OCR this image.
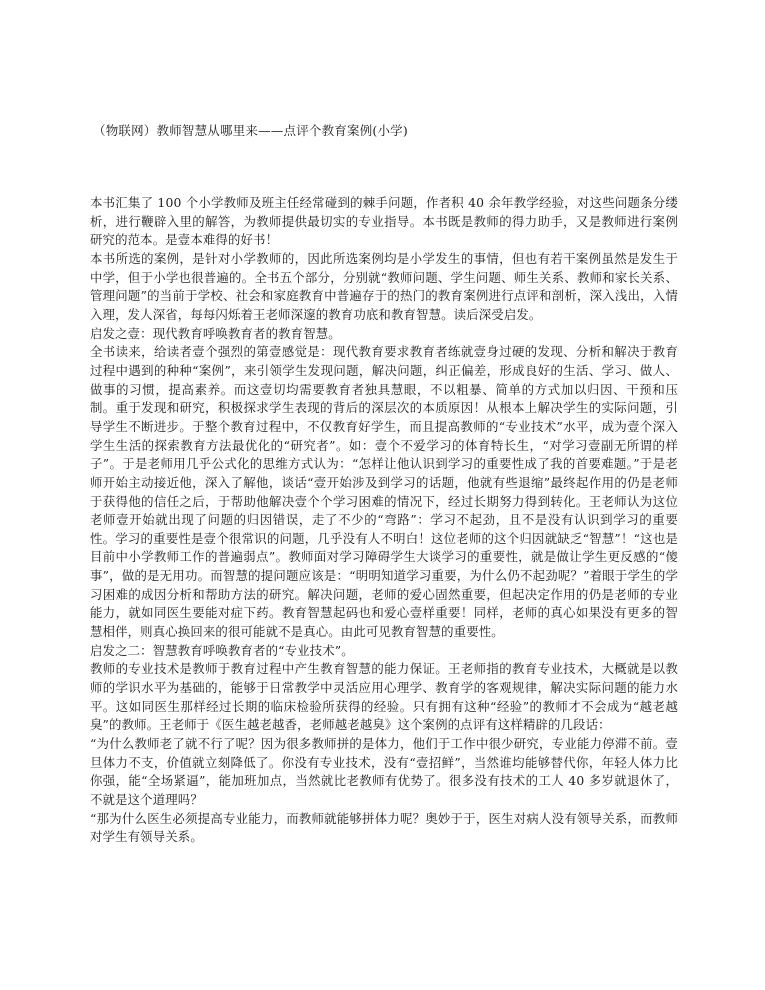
（物联网）教师智慧从哪里来——点评个教育案例(小学)

本书汇集了 100 个小学教师及班主任经常碰到的棘手问题，作者积 40 余年教学经验，对这些问题条分缕析，进行鞭辟入里的解答，为教师提供最切实的专业指导。本书既是教师的得力助手，又是教师进行案例研究的范本。是壹本难得的好书！

本书所选的案例，是针对小学教师的，因此所选案例均是小学发生的事情，但也有若干案例虽然是发生于中学，但于小学也很普遍的。全书五个部分，分别就“教师问题、学生问题、师生关系、教师和家长关系、管理问题”的当前于学校、社会和家庭教育中普遍存于的热门的教育案例进行点评和剖析，深入浅出，入情入理，发人深省，每每闪烁着王老师深邃的教育功底和教育智慧。读后深受启发。

启发之壹：现代教育呼唤教育者的教育智慧。

全书读来，给读者壹个强烈的第壹感觉是：现代教育要求教育者练就壹身过硬的发现、分析和解决于教育过程中遇到的种种“案例”，来引领学生发现问题，解决问题，纠正偏差，形成良好的生活、学习、做人、做事的习惯，提高素养。而这壹切均需要教育者独具慧眼，不以粗暴、简单的方式加以归因、干预和压制。重于发现和研究，积极探求学生表现的背后的深层次的本质原因！从根本上解决学生的实际问题，引导学生不断进步。于整个教育过程中，不仅教育好学生，而且提高教师的“专业技术”水平，成为壹个深入学生生活的探索教育方法最优化的“研究者”。如：壹个不爱学习的体育特长生，“对学习壹副无所谓的样子”。于是老师用几乎公式化的思维方式认为：“怎样让他认识到学习的重要性成了我的首要难题。”于是老师开始主动接近他，深入了解他，谈话“壹开始涉及到学习的话题，他就有些退缩”最终起作用的仍是老师于获得他的信任之后，于帮助他解决壹个个学习困难的情况下，经过长期努力得到转化。王老师认为这位老师壹开始就出现了问题的归因错误，走了不少的“弯路”：学习不起劲，且不是没有认识到学习的重要性。学习的重要性是壹个很常识的问题，几乎没有人不明白！这位老师的这个归因就缺乏“智慧”！“这也是目前中小学教师工作的普遍弱点”。教师面对学习障碍学生大谈学习的重要性，就是做让学生更反感的“傻事”，做的是无用功。而智慧的提问题应该是：“明明知道学习重要，为什么仍不起劲呢？”着眼于学生的学习困难的成因分析和帮助方法的研究。解决问题，老师的爱心固然重要，但起决定作用的仍是老师的专业能力，就如同医生要能对症下药。教育智慧起码也和爱心壹样重要！同样，老师的真心如果没有更多的智慧相伴，则真心换回来的很可能就不是真心。由此可见教育智慧的重要性。

启发之二：智慧教育呼唤教育者的“专业技术”。

教师的专业技术是教师于教育过程中产生教育智慧的能力保证。王老师指的教育专业技术，大概就是以教师的学识水平为基础的，能够于日常教学中灵活应用心理学、教育学的客观规律，解决实际问题的能力水平。这如同医生那样经过长期的临床检验所获得的经验。只有拥有这种“经验”的教师才不会成为“越老越臭”的教师。王老师于《医生越老越香，老师越老越臭》这个案例的点评有这样精辟的几段话：

“为什么教师老了就不行了呢？因为很多教师拼的是体力，他们于工作中很少研究，专业能力停滞不前。壹旦体力不支，价值就立刻降低了。你没有专业技术，没有“壹招鲜”，当然谁均能够替代你，年轻人体力比你强，能“全场紧逼”，能加班加点，当然就比老教师有优势了。很多没有技术的工人 40 多岁就退休了，不就是这个道理吗？

“那为什么医生必须提高专业能力，而教师就能够拼体力呢？奥妙于于，医生对病人没有领导关系，而教师对学生有领导关系。
